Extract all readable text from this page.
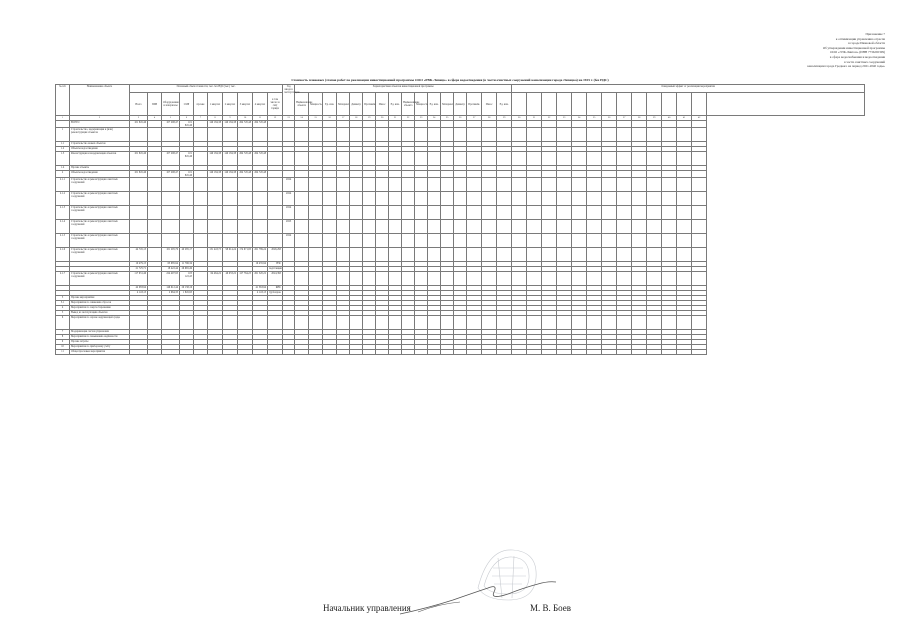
Приложение 7
к оптимизации управлению отрасли
в городе Ивановой области
Об утверждении инвестиционной программы
ООО «ЭЭК-Лянтон» (ИНН 7736265309)
в сфере водоснабжения и водоотведения
в части очистных сооружений
канализации города Гродкого на период 2021-2040 годы»
Стоимость плановых (этапов работ по реализации инвестиционной программы ООО «РВК-Липецк» в сфере водоотведения (в части очистных сооружений канализации города Липецка) на 1925 г. (без НДС)
№ п/п	Наименование объекта	Плановый объём стоимости, тыс. без НДС(тыс.) тыс.										Год ввода в эксплуатацию	Характеристики объектов инвестиционной программы																Ожидаемый эффект от реализации мероприятия													
		Всего	ПИР	Оборудование и материалы	СМР	прочие	1 квартал	2 квартал	3 квартал	4 квартал	в том числе за счёт тарифа		Наименование объекта	Мощность	Ед. изм.	Материал	Диаметр	Протяжён.	Износ	Ед. изм.	Наименование объекта	Мощность	Ед. изм.	Материал	Диаметр	Протяжён.	Износ	Ед. изм.														
1	2	3	4	5	6	7	8	9	10	11	12	13	14	15	16	17	18	19	20	21	22	23	24	25	26	27	28	29	30	31	32	33	34	35	36	37	38	39	40	41	42	
	ВСЕГО	101 845,46		107 298,47	101 845,46		149 184,38	149 184,38	264 720,48	264 720,48																																
1	Строительство, модернизация и (или) реконструкция объектов																																									
1.1	Строительство новых объектов																																									
1.2	Объекты водоотведения																																									
1.3	Реконструкция и модернизация объектов	101 845,46		107 298,47	101 845,46		149 184,38	149 184,38	264 720,48	264 720,48																																
1.4	Прочие объекты																																									
2	Объекты водоотведения	101 845,46		107 298,47	101 845,46		149 184,38	149 184,38	264 720,48	264 720,48																																
2.1.1	Строительство и реконструкция очистных сооружений											2024																														
2.1.2	Строительство и реконструкция очистных сооружений											2024																														
2.1.3	Строительство и реконструкция очистных сооружений											2024																														
2.1.4	Строительство и реконструкция очистных сооружений											2025																														
2.1.5	Строительство и реконструкция очистных сооружений											2024																														
2.1.6	Строительство и реконструкция очистных сооружений	44 745,13		101 295,79	40 285,17		131 443,75	98 914,24	174 671,85	261 789,24	2026,295																															
		10 479,15		63 685,94	11 796,34					19 435,94	ВЗС																															
		21 725,71		18 422,44	26 665,49						подстанция																															
2.1.7	Строительство и реконструкция очистных сооружений	117 631,46		224 497,95	105 122,45		64 464,22	46 933,22	127 764,25	261 320,22	2024,395																															
		42 083,94		146 612,44	29 138,16					41 363,94	КНС																															
		4 143,13		2 964,35	1 845,95					4 143,13	трубопров.																															
3	Прочие мероприятия																																									
3.1	Мероприятия по снижению сбросов																																									
4	Мероприятия по энергосбережению																																									
5	Вывод из эксплуатации объектов																																									
6	Мероприятия по охране окружающей среды																																									
7	Модернизация систем управления																																									
8	Мероприятия по повышению надёжности																																									
9	Прочие затраты																																									
10	Мероприятия по приборному учёту																																									
11	Общеотраслевые мероприятия																																									
Начальник управления	М. В. Боев
